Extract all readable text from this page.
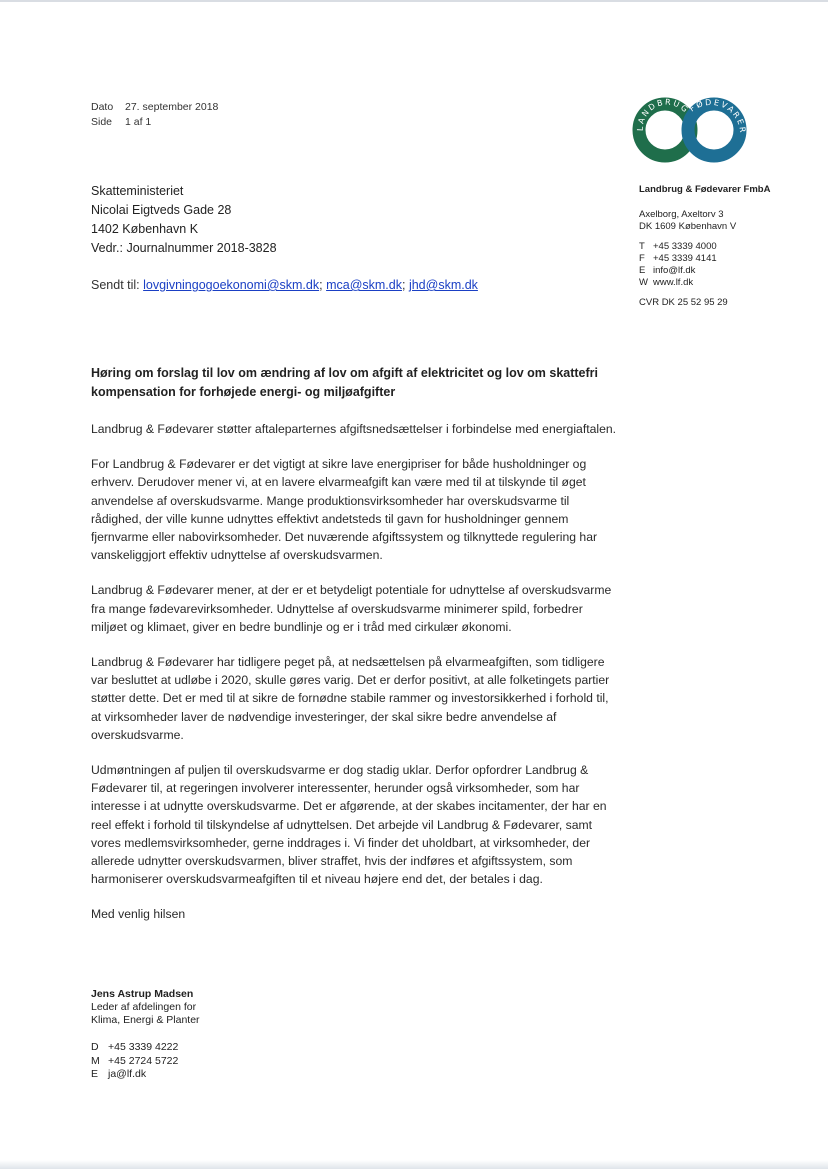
Dato	27. september 2018
Side	1 af 1	LANDBRUG
FØDEVARER
Landbrug & Fødevarer FmbA
Axelborg, Axeltorv 3
DK 1609 København V
T +45 3339 4000
F +45 3339 4141
E info@lf.dk
W www.lf.dk
CVR DK 25 52 95 29
Skatteministeriet
Nicolai Eigtveds Gade 28
1402 København K
Vedr.: Journalnummer 2018-3828
Sendt til: lovgivningogoekonomi@skm.dk; mca@skm.dk; jhd@skm.dk
Høring om forslag til lov om ændring af lov om afgift af elektricitet og lov om skattefri kompensation for forhøjede energi- og miljøafgifter

Landbrug & Fødevarer støtter aftaleparternes afgiftsnedsættelser i forbindelse med energiaftalen.

For Landbrug & Fødevarer er det vigtigt at sikre lave energipriser for både husholdninger og erhverv. Derudover mener vi, at en lavere elvarmeafgift kan være med til at tilskynde til øget anvendelse af overskudsvarme. Mange produktionsvirksomheder har overskudsvarme til rådighed, der ville kunne udnyttes effektivt andetsteds til gavn for husholdninger gennem fjernvarme eller nabovirksomheder. Det nuværende afgiftssystem og tilknyttede regulering har vanskeliggjort effektiv udnyttelse af overskudsvarmen.

Landbrug & Fødevarer mener, at der er et betydeligt potentiale for udnyttelse af overskudsvarme fra mange fødevarevirksomheder. Udnyttelse af overskudsvarme minimerer spild, forbedrer miljøet og klimaet, giver en bedre bundlinje og er i tråd med cirkulær økonomi.

Landbrug & Fødevarer har tidligere peget på, at nedsættelsen på elvarmeafgiften, som tidligere var besluttet at udløbe i 2020, skulle gøres varig. Det er derfor positivt, at alle folketingets partier støtter dette. Det er med til at sikre de fornødne stabile rammer og investorsikkerhed i forhold til, at virksomheder laver de nødvendige investeringer, der skal sikre bedre anvendelse af overskudsvarme.

Udmøntningen af puljen til overskudsvarme er dog stadig uklar. Derfor opfordrer Landbrug & Fødevarer til, at regeringen involverer interessenter, herunder også virksomheder, som har interesse i at udnytte overskudsvarme. Det er afgørende, at der skabes incitamenter, der har en reel effekt i forhold til tilskyndelse af udnyttelsen. Det arbejde vil Landbrug & Fødevarer, samt vores medlemsvirksomheder, gerne inddrages i. Vi finder det uholdbart, at virksomheder, der allerede udnytter overskudsvarmen, bliver straffet, hvis der indføres et afgiftssystem, som harmoniserer overskudsvarmeafgiften til et niveau højere end det, der betales i dag.

Med venlig hilsen

Jens Astrup Madsen
Leder af afdelingen for
Klima, Energi & Planter
D +45 3339 4222
M +45 2724 5722
E ja@lf.dk
